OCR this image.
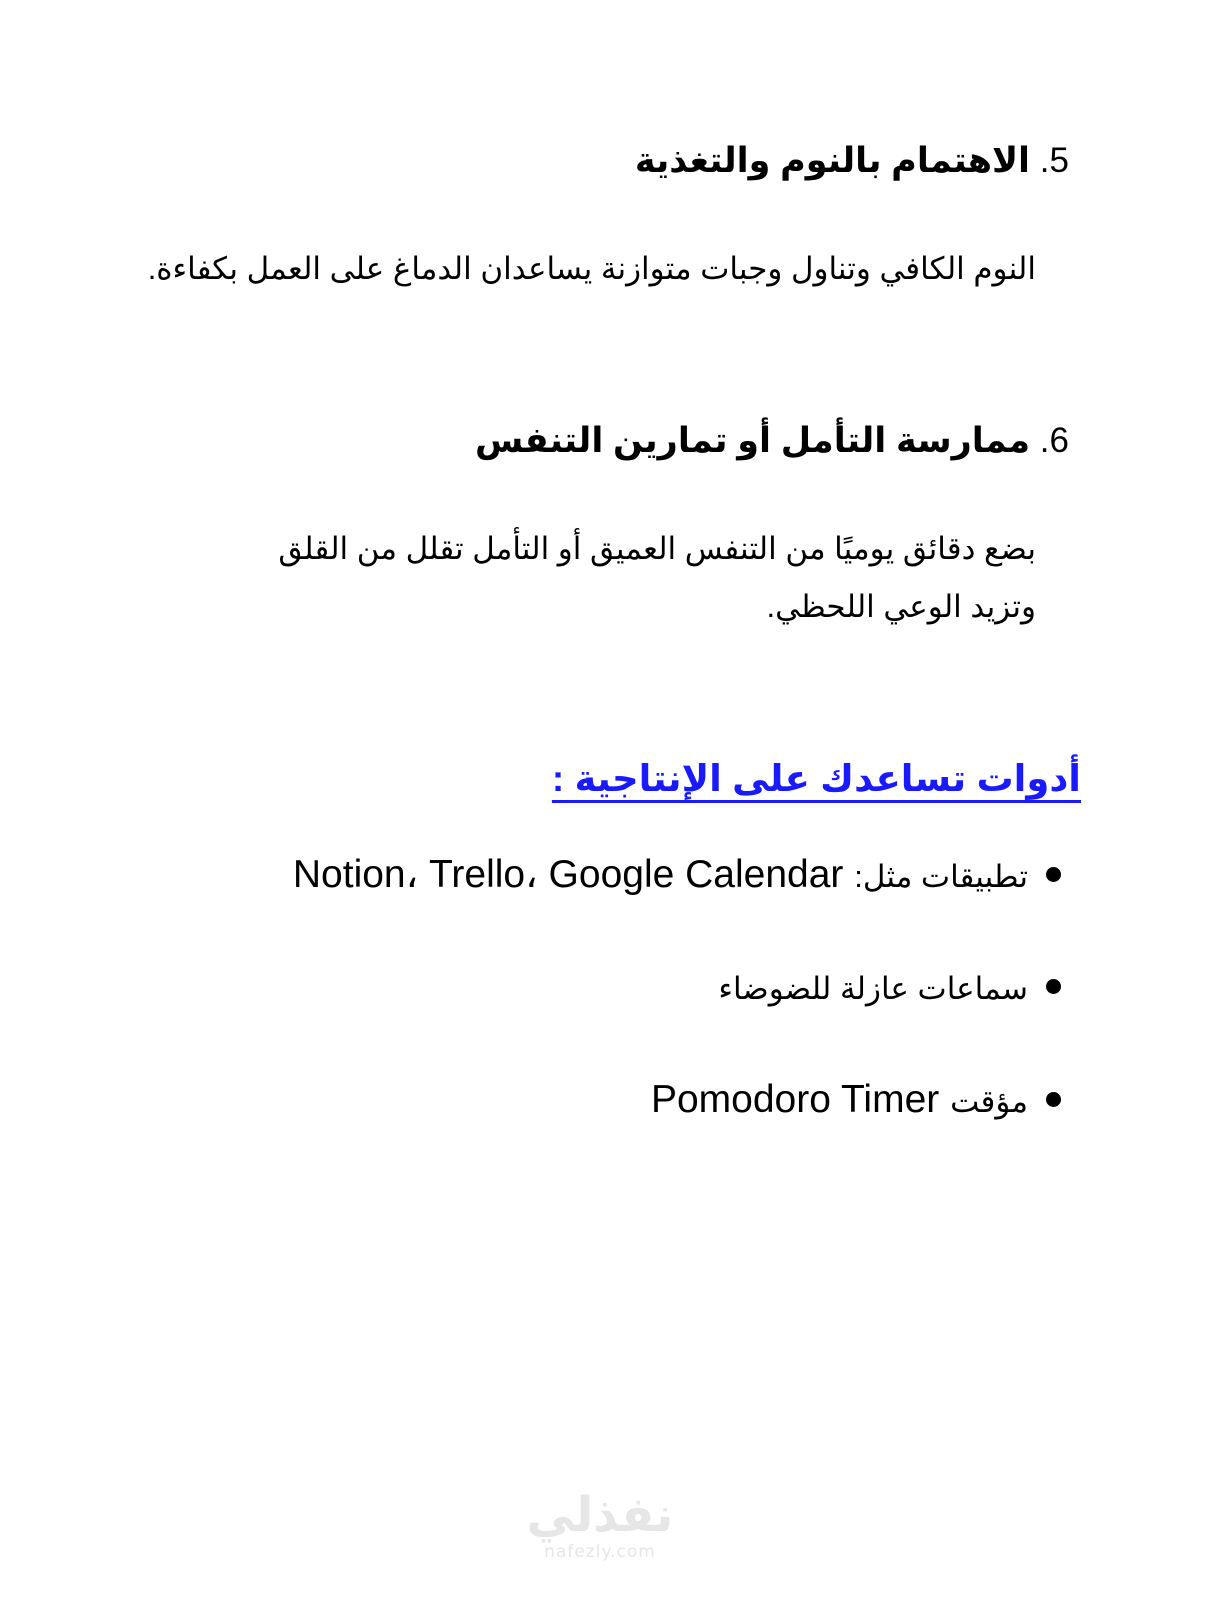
5. الاهتمام بالنوم والتغذية

النوم الكافي وتناول وجبات متوازنة يساعدان الدماغ على العمل بكفاءة.

6. ممارسة التأمل أو تمارين التنفس

بضع دقائق يوميًا من التنفس العميق أو التأمل تقلل من القلق وتزيد الوعي اللحظي.

أدوات تساعدك على الإنتاجية :
تطبيقات مثل: Notion، Trello، Google Calendar
سماعات عازلة للضوضاء
مؤقت Pomodoro Timer
نفذلي
nafezly.com
